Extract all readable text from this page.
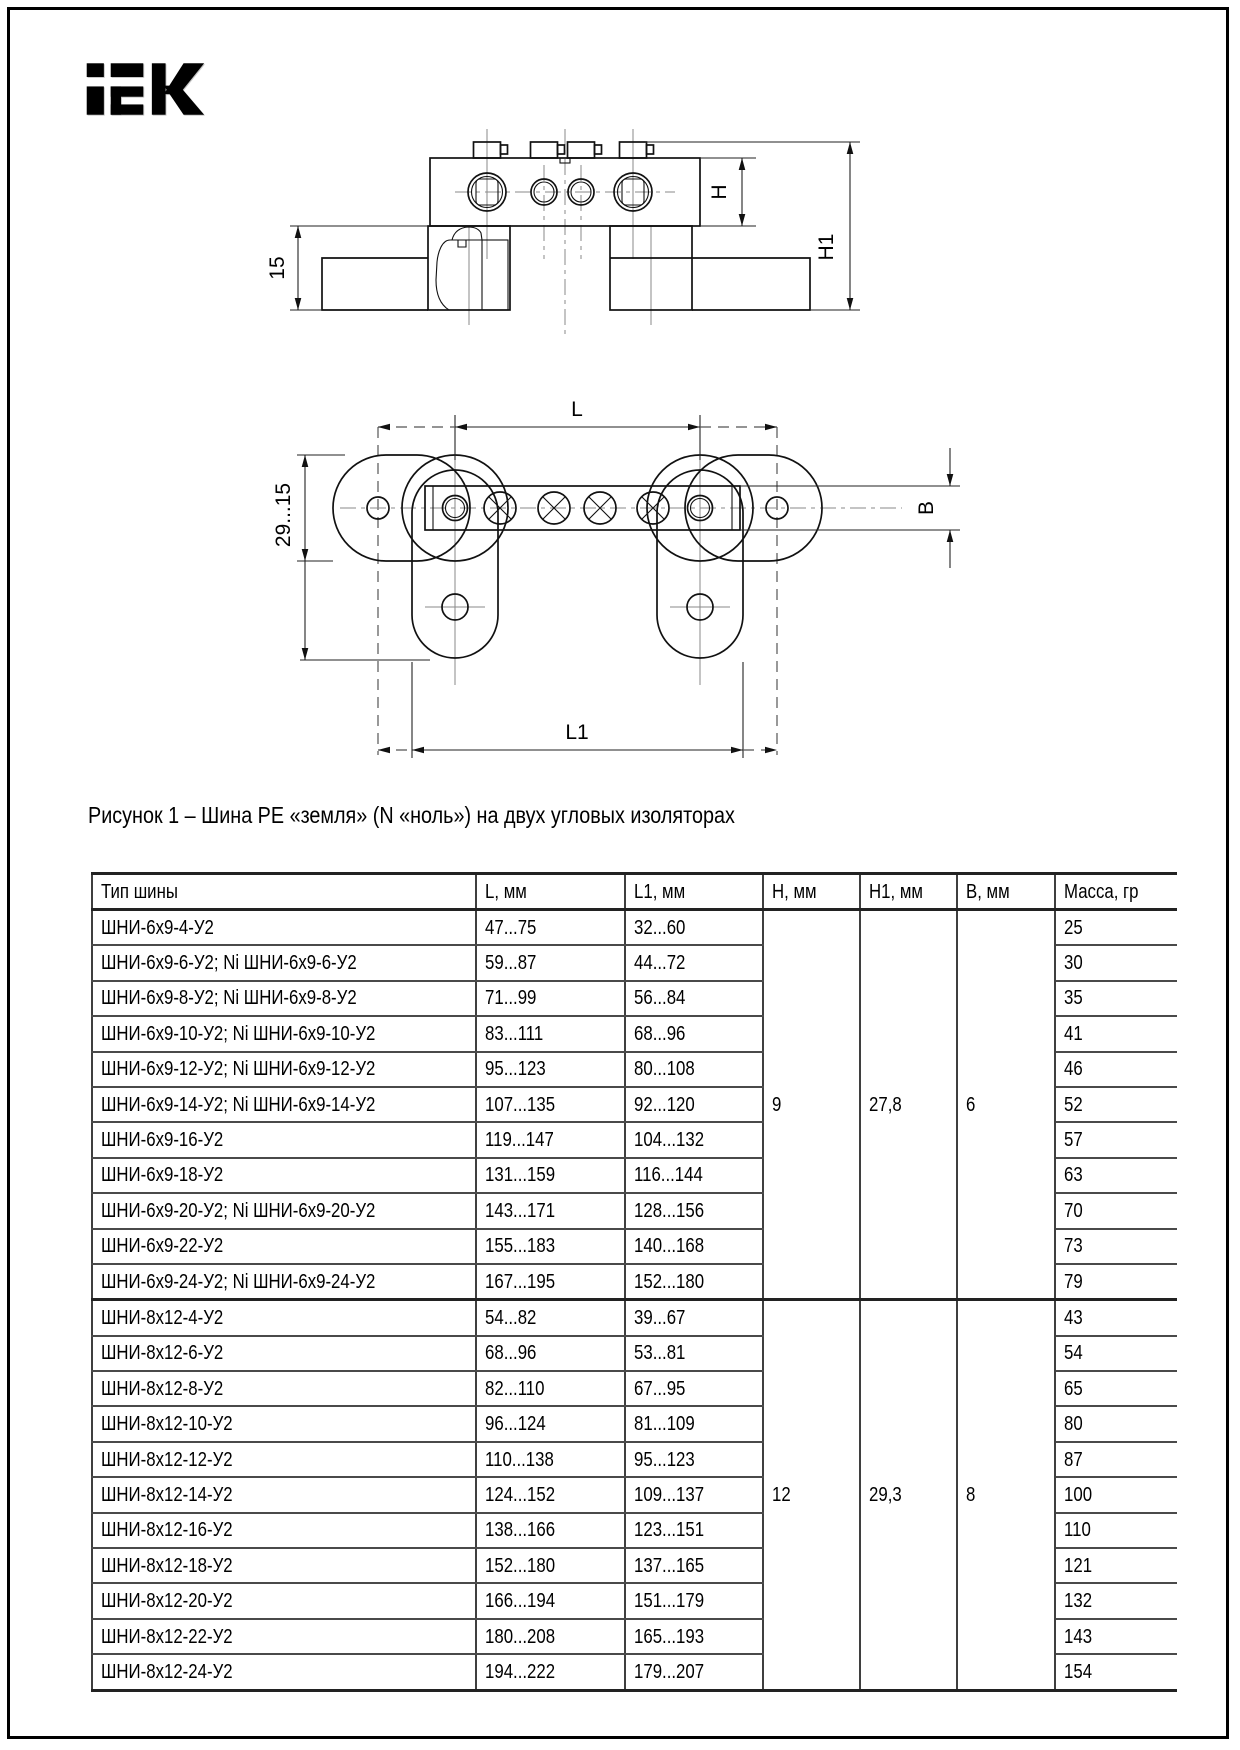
15
H
H1
L
29...15	B
L1
Рисунок 1 – Шина PE «земля» (N «ноль») на двух угловых изоляторах
Тип шины	L, мм	L1, мм	H, мм	H1, мм	B, мм	Масса, гр
ШНИ-6x9-4-У2	47...75	32...60	9	27,8	6	25
ШНИ-6x9-6-У2; Ni ШНИ-6x9-6-У2	59...87	44...72				30
ШНИ-6x9-8-У2; Ni ШНИ-6x9-8-У2	71...99	56...84				35
ШНИ-6x9-10-У2; Ni ШНИ-6x9-10-У2	83...111	68...96				41
ШНИ-6x9-12-У2; Ni ШНИ-6x9-12-У2	95...123	80...108				46
ШНИ-6x9-14-У2; Ni ШНИ-6x9-14-У2	107...135	92...120				52
ШНИ-6x9-16-У2	119...147	104...132				57
ШНИ-6x9-18-У2	131...159	116...144				63
ШНИ-6x9-20-У2; Ni ШНИ-6x9-20-У2	143...171	128...156				70
ШНИ-6x9-22-У2	155...183	140...168				73
ШНИ-6x9-24-У2; Ni ШНИ-6x9-24-У2	167...195	152...180				79
ШНИ-8x12-4-У2	54...82	39...67	12	29,3	8	43
ШНИ-8x12-6-У2	68...96	53...81				54
ШНИ-8x12-8-У2	82...110	67...95				65
ШНИ-8x12-10-У2	96...124	81...109				80
ШНИ-8x12-12-У2	110...138	95...123				87
ШНИ-8x12-14-У2	124...152	109...137				100
ШНИ-8x12-16-У2	138...166	123...151				110
ШНИ-8x12-18-У2	152...180	137...165				121
ШНИ-8x12-20-У2	166...194	151...179				132
ШНИ-8x12-22-У2	180...208	165...193				143
ШНИ-8x12-24-У2	194...222	179...207				154
